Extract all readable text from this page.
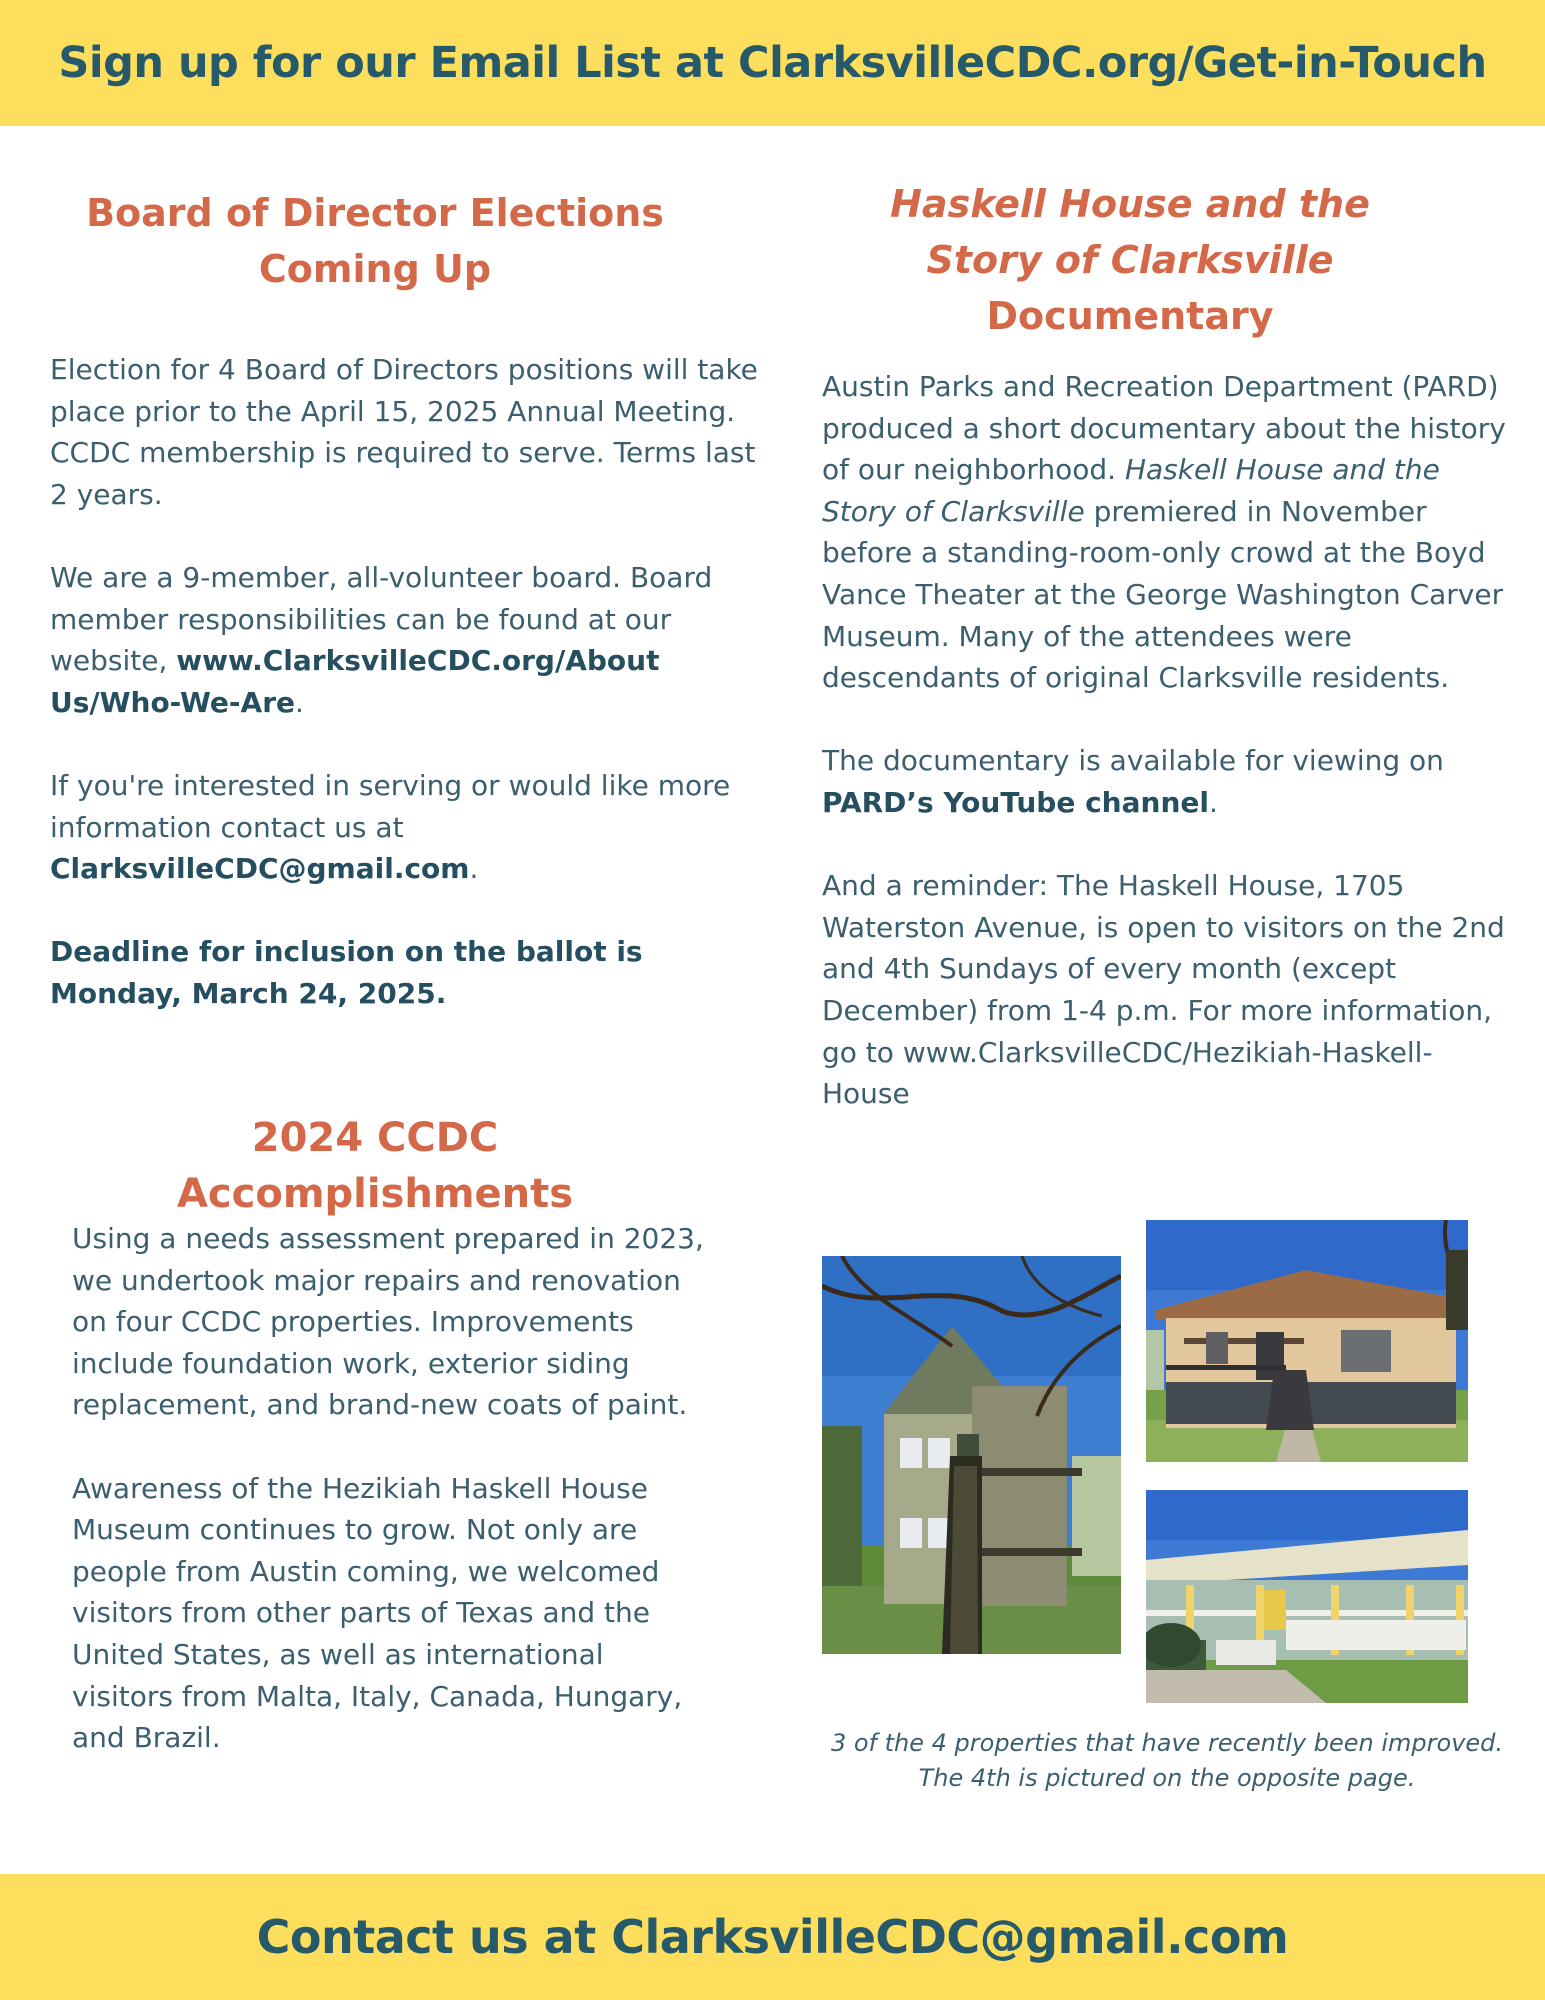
Sign up for our Email List at ClarksvilleCDC.org/Get-in-Touch
Board of Director Elections
Coming Up

Election for 4 Board of Directors positions will take place prior to the April 15, 2025 Annual Meeting. CCDC membership is required to serve. Terms last 2 years.

We are a 9-member, all-volunteer board. Board member responsibilities can be found at our website, www.ClarksvilleCDC.org/About Us/Who-We-Are.

If you're interested in serving or would like more information contact us at ClarksvilleCDC@gmail.com.

Deadline for inclusion on the ballot is Monday, March 24, 2025.

Haskell House and the
Story of Clarksville
Documentary

Austin Parks and Recreation Department (PARD) produced a short documentary about the history of our neighborhood. Haskell House and the Story of Clarksville premiered in November before a standing-room-only crowd at the Boyd Vance Theater at the George Washington Carver Museum. Many of the attendees were descendants of original Clarksville residents.

The documentary is available for viewing on PARD’s YouTube channel.

And a reminder: The Haskell House, 1705 Waterston Avenue, is open to visitors on the 2nd and 4th Sundays of every month (except December) from 1-4 p.m. For more information, go to www.ClarksvilleCDC/Hezikiah-Haskell-House

2024 CCDC Accomplishments

Using a needs assessment prepared in 2023, we undertook major repairs and renovation on four CCDC properties. Improvements include foundation work, exterior siding replacement, and brand-new coats of paint.

Awareness of the Hezikiah Haskell House Museum continues to grow. Not only are people from Austin coming, we welcomed visitors from other parts of Texas and the United States, as well as international visitors from Malta, Italy, Canada, Hungary, and Brazil.	3 of the 4 properties that have recently been improved.
The 4th is pictured on the opposite page.
Contact us at ClarksvilleCDC@gmail.com
